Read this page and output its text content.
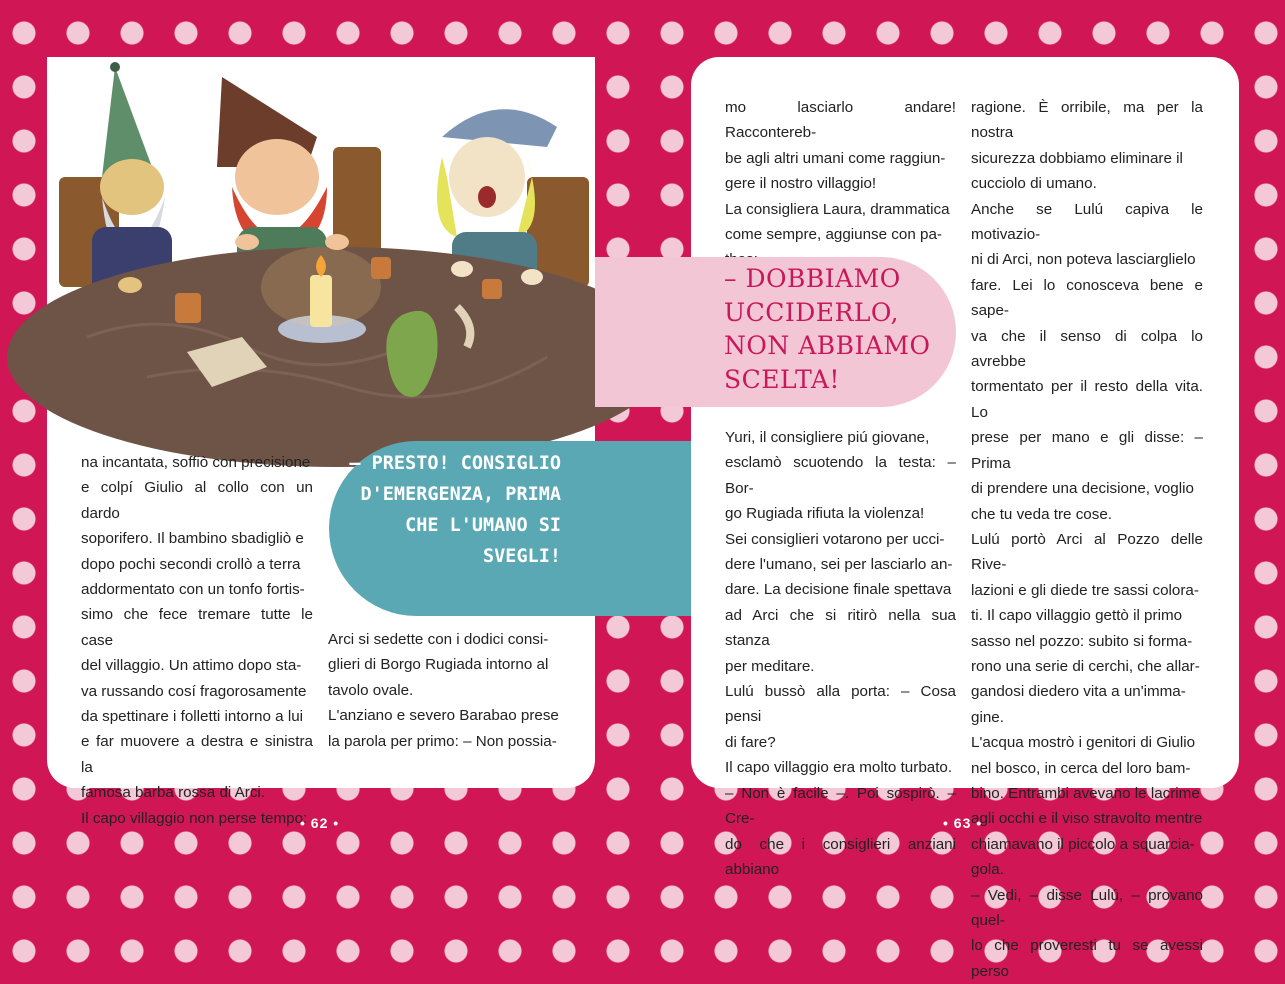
na incantata, soffiò con precisione

e colpí Giulio al collo con un dardo

soporifero. Il bambino sbadigliò e

dopo pochi secondi crollò a terra

addormentato con un tonfo fortis-

simo che fece tremare tutte le case

del villaggio. Un attimo dopo sta-

va russando cosí fragorosamente

da spettinare i folletti intorno a lui

e far muovere a destra e sinistra la

famosa barba rossa di Arci.

Il capo villaggio non perse tempo:

Arci si sedette con i dodici consi-

glieri di Borgo Rugiada intorno al

tavolo ovale.

L'anziano e severo Barabao prese

la parola per primo: – Non possia-

mo lasciarlo andare! Raccontereb-

be agli altri umani come raggiun-

gere il nostro villaggio!

La consigliera Laura, drammatica

come sempre, aggiunse con pa-

Yuri, il consigliere piú giovane,

esclamò scuotendo la testa: – Bor-

go Rugiada rifiuta la violenza!

Sei consiglieri votarono per ucci-

dere l'umano, sei per lasciarlo an-

dare. La decisione finale spettava

ad Arci che si ritirò nella sua stanza

per meditare.

Lulú bussò alla porta: – Cosa pensi

di fare?

Il capo villaggio era molto turbato.

– Non è facile –. Poi sospirò. – Cre-

do che i consiglieri anziani abbiano

ragione. È orribile, ma per la nostra

sicurezza dobbiamo eliminare il

cucciolo di umano.

Anche se Lulú capiva le motivazio-

ni di Arci, non poteva lasciarglielo

fare. Lei lo conosceva bene e sape-

va che il senso di colpa lo avrebbe

tormentato per il resto della vita. Lo

prese per mano e gli disse: – Prima

di prendere una decisione, voglio

che tu veda tre cose.

Lulú portò Arci al Pozzo delle Rive-

lazioni e gli diede tre sassi colora-

ti. Il capo villaggio gettò il primo

sasso nel pozzo: subito si forma-

rono una serie di cerchi, che allar-

gandosi diedero vita a un'imma-

gine.

L'acqua mostrò i genitori di Giulio

nel bosco, in cerca del loro bam-

bino. Entrambi avevano le lacrime

agli occhi e il viso stravolto mentre

chiamavano il piccolo a squarcia-

gola.

– Vedi, – disse Lulú, – provano quel-

lo che proveresti tu se avessi perso

– DOBBIAMO UCCIDERLO, NON ABBIAMO SCELTA!
– PRESTO! CONSIGLIO D'EMERGENZA, PRIMA CHE L'UMANO SI SVEGLI!
• 62 •	• 63 •
